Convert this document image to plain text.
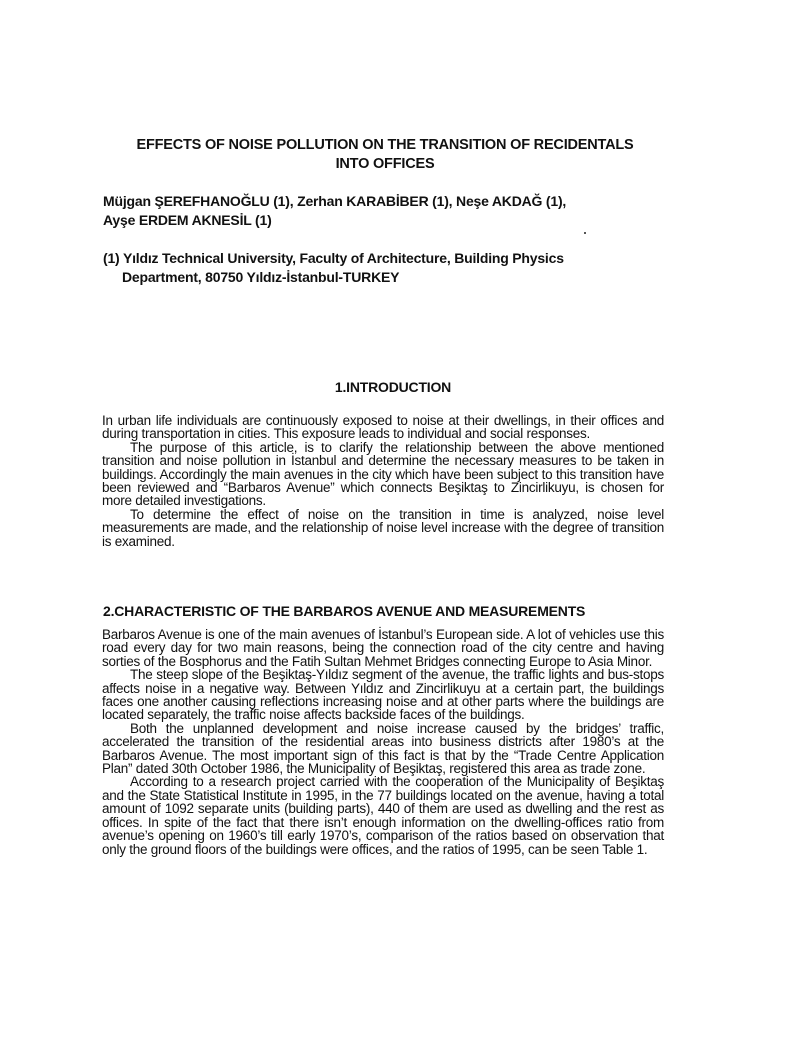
EFFECTS OF NOISE POLLUTION ON THE TRANSITION OF RECIDENTALS
INTO OFFICES
Müjgan ŞEREFHANOĞLU (1), Zerhan KARABİBER (1), Neşe AKDAĞ (1),
Ayşe ERDEM AKNESİL (1)
(1) Yıldız Technical University, Faculty of Architecture, Building Physics
Department, 80750 Yıldız-İstanbul-TURKEY
1.INTRODUCTION

In urban life individuals are continuously exposed to noise at their dwellings, in their offices and during transportation in cities. This exposure leads to individual and social responses.

The purpose of this article, is to clarify the relationship between the above mentioned transition and noise pollution in İstanbul and determine the necessary measures to be taken in buildings. Accordingly the main avenues in the city which have been subject to this transition have been reviewed and “Barbaros Avenue” which connects Beşiktaş to Zincirlikuyu, is chosen for more detailed investigations.

To determine the effect of noise on the transition in time is analyzed, noise level measurements are made, and the relationship of noise level increase with the degree of transition is examined.

2.CHARACTERISTIC OF THE BARBAROS AVENUE AND MEASUREMENTS

Barbaros Avenue is one of the main avenues of İstanbul’s European side. A lot of vehicles use this road every day for two main reasons, being the connection road of the city centre and having sorties of the Bosphorus and the Fatih Sultan Mehmet Bridges connecting Europe to Asia Minor.

The steep slope of the Beşiktaş-Yıldız segment of the avenue, the traffic lights and bus-stops affects noise in a negative way. Between Yıldız and Zincirlikuyu at a certain part, the buildings faces one another causing reflections increasing noise and at other parts where the buildings are located separately, the traffic noise affects backside faces of the buildings.

Both the unplanned development and noise increase caused by the bridges’ traffic, accelerated the transition of the residential areas into business districts after 1980’s at the Barbaros Avenue. The most important sign of this fact is that by the “Trade Centre Application Plan” dated 30th October 1986, the Municipality of Beşiktaş, registered this area as trade zone.

According to a research project carried with the cooperation of the Municipality of Beşiktaş and the State Statistical Institute in 1995, in the 77 buildings located on the avenue, having a total amount of 1092 separate units (building parts), 440 of them are used as dwelling and the rest as offices. In spite of the fact that there isn’t enough information on the dwelling-offices ratio from avenue’s opening on 1960’s till early 1970’s, comparison of the ratios based on observation that only the ground floors of the buildings were offices, and the ratios of 1995, can be seen Table 1.
